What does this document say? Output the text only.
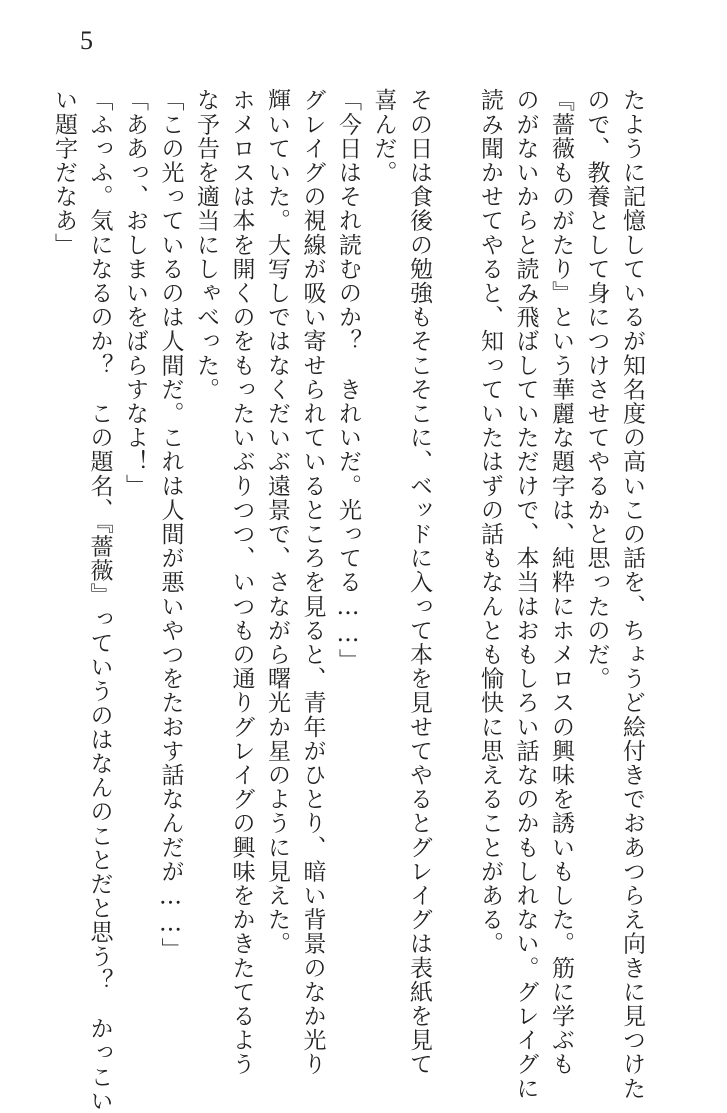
5
たように記憶しているが知名度の高いこの話を、ちょうど絵付きでおあつらえ向きに見つけた
ので、教養として身につけさせてやるかと思ったのだ。
『薔薇ものがたり』という華麗な題字は、純粋にホメロスの興味を誘いもした。筋に学ぶも
のがないからと読み飛ばしていただけで、本当はおもしろい話なのかもしれない。グレイグに
読み聞かせてやると、知っていたはずの話もなんとも愉快に思えることがある。
その日は食後の勉強もそこそこに、ベッドに入って本を見せてやるとグレイグは表紙を見て
喜んだ。
「今日はそれ読むのか？　きれいだ。光ってる……」
グレイグの視線が吸い寄せられているところを見ると、青年がひとり、暗い背景のなか光り
輝いていた。大写しではなくだいぶ遠景で、さながら曙光か星のように見えた。
ホメロスは本を開くのをもったいぶりつつ、いつもの通りグレイグの興味をかきたてるよう
な予告を適当にしゃべった。
「この光っているのは人間だ。これは人間が悪いやつをたおす話なんだが……」
「ああっ、おしまいをばらすなよ！」
「ふっふ。気になるのか？　この題名、『薔薇』っていうのはなんのことだと思う？　かっこい
い題字だなあ」
